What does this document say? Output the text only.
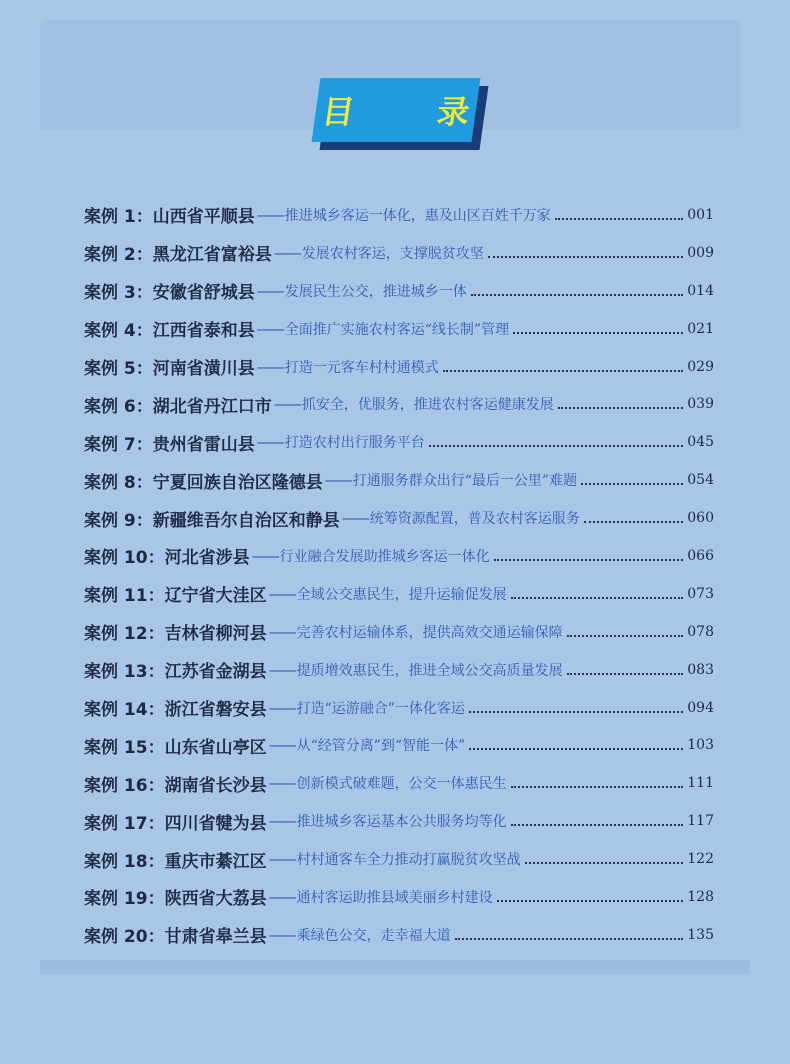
目 录
案例 1： 山西省平顺县 —— 推进城乡客运一体化，惠及山区百姓千万家	001
案例 2： 黑龙江省富裕县 —— 发展农村客运，支撑脱贫攻坚	009
案例 3： 安徽省舒城县 —— 发展民生公交，推进城乡一体	014
案例 4： 江西省泰和县 —— 全面推广实施农村客运“线长制”管理	021
案例 5： 河南省潢川县 —— 打造一元客车村村通模式	029
案例 6： 湖北省丹江口市 —— 抓安全，优服务，推进农村客运健康发展	039
案例 7： 贵州省雷山县 —— 打造农村出行服务平台	045
案例 8： 宁夏回族自治区隆德县 —— 打通服务群众出行“最后一公里”难题	054
案例 9： 新疆维吾尔自治区和静县 —— 统筹资源配置，普及农村客运服务	060
案例 10： 河北省涉县 —— 行业融合发展助推城乡客运一体化	066
案例 11： 辽宁省大洼区 —— 全域公交惠民生，提升运输促发展	073
案例 12： 吉林省柳河县 —— 完善农村运输体系，提供高效交通运输保障	078
案例 13： 江苏省金湖县 —— 提质增效惠民生，推进全域公交高质量发展	083
案例 14： 浙江省磐安县 —— 打造“运游融合”一体化客运	094
案例 15： 山东省山亭区 —— 从“经管分离”到“智能一体”	103
案例 16： 湖南省长沙县 —— 创新模式破难题，公交一体惠民生	111
案例 17： 四川省犍为县 —— 推进城乡客运基本公共服务均等化	117
案例 18： 重庆市綦江区 —— 村村通客车全力推动打赢脱贫攻坚战	122
案例 19： 陕西省大荔县 —— 通村客运助推县域美丽乡村建设	128
案例 20： 甘肃省皋兰县 —— 乘绿色公交，走幸福大道	135
